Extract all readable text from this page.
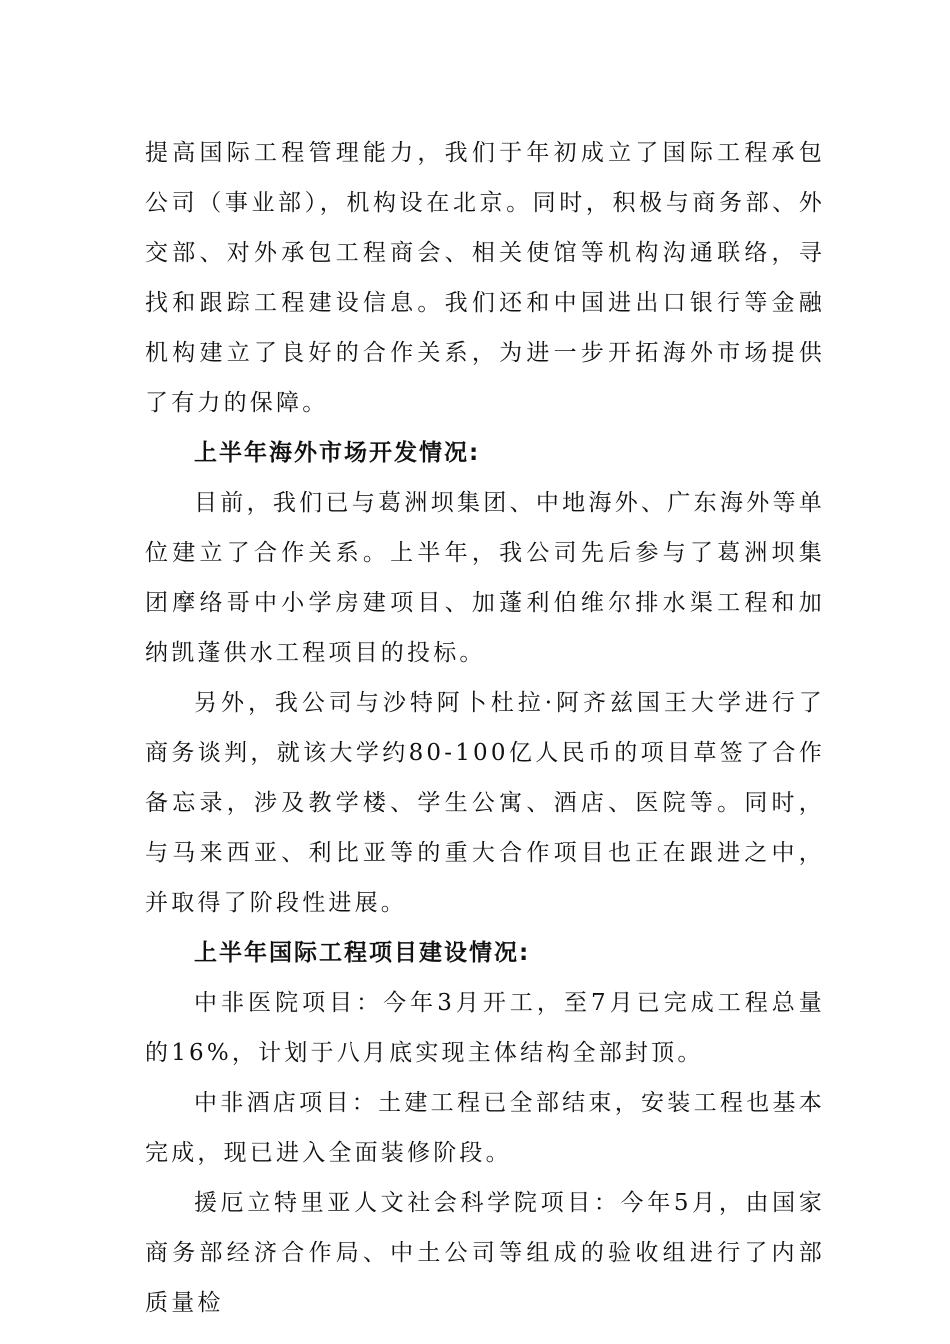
提高国际工程管理能力，我们于年初成立了国际工程承包公司（事业部），机构设在北京。同时，积极与商务部、外交部、对外承包工程商会、相关使馆等机构沟通联络，寻找和跟踪工程建设信息。我们还和中国进出口银行等金融机构建立了良好的合作关系，为进一步开拓海外市场提供了有力的保障。

上半年海外市场开发情况:

目前，我们已与葛洲坝集团、中地海外、广东海外等单位建立了合作关系。上半年，我公司先后参与了葛洲坝集团摩络哥中小学房建项目、加蓬利伯维尔排水渠工程和加纳凯蓬供水工程项目的投标。

另外，我公司与沙特阿卜杜拉·阿齐兹国王大学进行了商务谈判，就该大学约80-100亿人民币的项目草签了合作备忘录，涉及教学楼、学生公寓、酒店、医院等。同时，与马来西亚、利比亚等的重大合作项目也正在跟进之中，并取得了阶段性进展。

上半年国际工程项目建设情况:

中非医院项目：今年3月开工，至7月已完成工程总量的16%，计划于八月底实现主体结构全部封顶。

中非酒店项目：土建工程已全部结束，安装工程也基本完成，现已进入全面装修阶段。

援厄立特里亚人文社会科学院项目：今年5月，由国家商务部经济合作局、中土公司等组成的验收组进行了内部质量检
